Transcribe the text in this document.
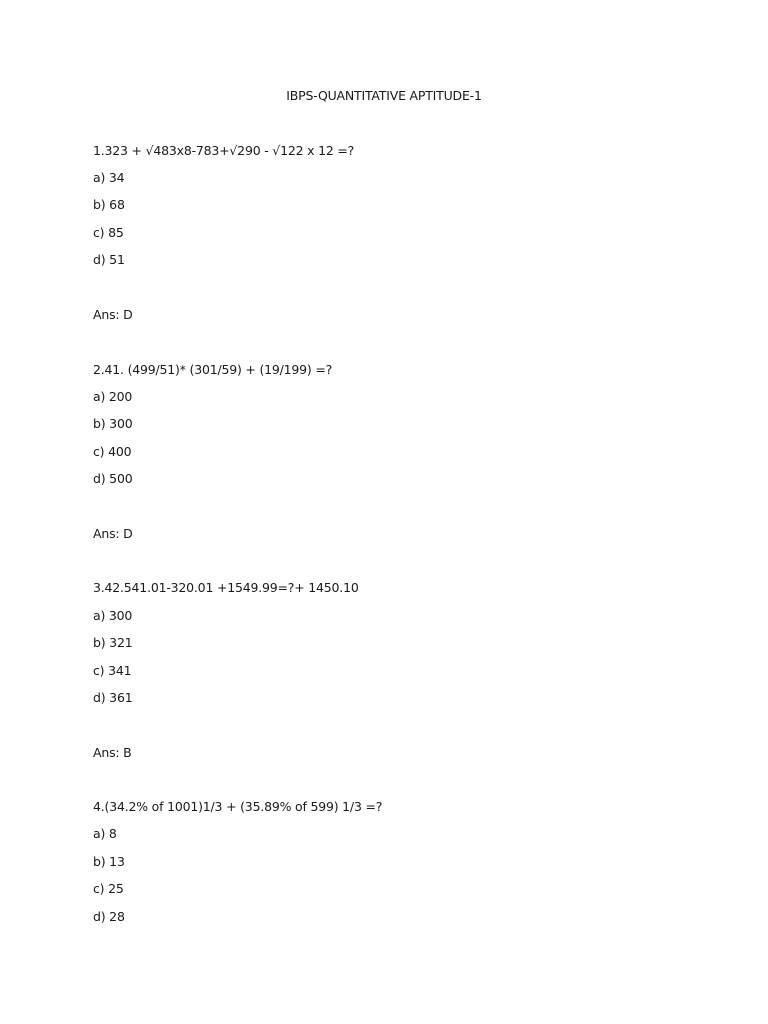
IBPS-QUANTITATIVE APTITUDE-1
1.323 + √483x8-783+√290 - √122 x 12 =?
a) 34
b) 68
c) 85
d) 51
Ans: D
2.41. (499/51)* (301/59) + (19/199) =?
a) 200
b) 300
c) 400
d) 500
Ans: D
3.42.541.01-320.01 +1549.99=?+ 1450.10
a) 300
b) 321
c) 341
d) 361
Ans: B
4.(34.2% of 1001)1/3 + (35.89% of 599) 1/3 =?
a) 8
b) 13
c) 25
d) 28
